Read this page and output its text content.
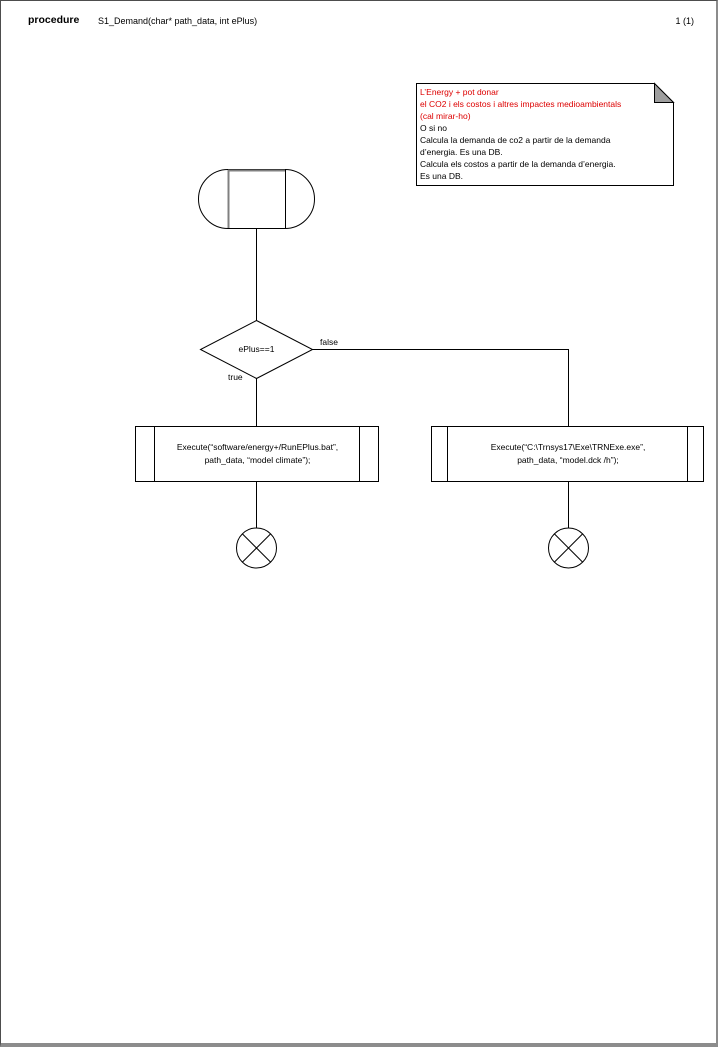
procedure S1_Demand(char* path_data, int ePlus)	1 (1)
L’Energy + pot donar
el CO2 i els costos i altres impactes medioambientals
(cal mirar-ho)
O si no
Calcula la demanda de co2 a partir de la demanda
d’energia. Es una DB.
Calcula els costos a partir de la demanda d’energia.
Es una DB.
ePlus==1
false
true
Execute(“software/energy+/RunEPlus.bat”,
path_data, “model climate”);
Execute(“C:\Trnsys17\Exe\TRNExe.exe”,
path_data, “model.dck /h”);
